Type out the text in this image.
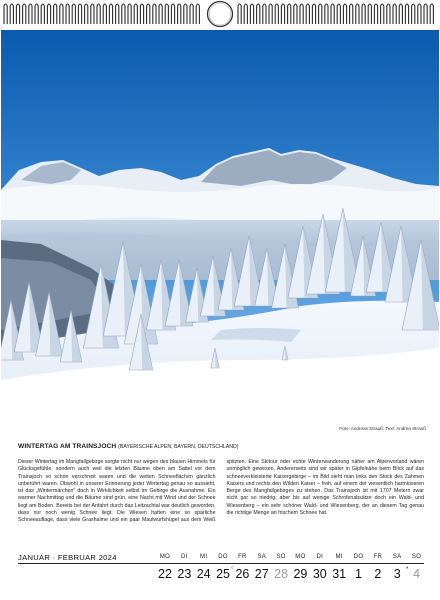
Foto: Andreas Strauß; Text: Andrea Strauß
WINTERTAG AM TRAINSJOCH (BAYERISCHE ALPEN, BAYERN, DEUTSCHLAND)
Dieser Wintertag im Mangfallgebirge sorgte nicht nur wegen des blauen Himmels für Glücksgefühle, sondern auch weil die letzten Bäume oben am Sattel vor dem Trainsjoch so schön verschneit waren und die weiten Schneeflächen gänzlich unberührt waren. Obwohl in unserer Erinnerung jeder Wintertag genau so aussieht, ist das „Wintermärchen“ doch in Wirklichkeit selbst im Gebirge die Ausnahme. Ein warmer Nachmittag und die Bäume sind grün, eine Nacht mit Wind und der Schnee liegt am Boden. Bereits bei der Anfahrt durch das Leitzachtal war deutlich geworden, dass nur noch wenig Schnee liegt. Die Wiesen hatten eine so spärliche Schneeauflage, dass viele Grashalme und ein paar Maulwurfshügel aus dem Weiß spitzten. Eine Skitour oder echte Winterwanderung näher am Alpenvorland wären unmöglich gewesen. Andererseits sind wir später in Gipfelnähe beim Blick auf das schneeverkleisterte Kaisergebirge – im Bild sieht man links den Stock des Zahmen Kaisers und rechts den Wilden Kaiser – froh, auf einem der wesentlich harmloseren Berge des Mangfallgebirges zu stehen. Das Trainsjoch ist mit 1707 Metern zwar nicht gar so niedrig, aber bis auf wenige Schrofenabsätze doch ein Wald- und Wiesenberg – ein sehr schöner Wald- und Wiesenberg, der an diesem Tag genau die richtige Menge an frischem Schnee hat.
JANUAR · FEBRUAR 2024	MO
22
DI
23
MI
24
DO
25 ○
FR
26
SA
27
SO
28
MO
29
DI
30
MI
31
DO
1
FR
2
SA
3 ◑
SO
4
